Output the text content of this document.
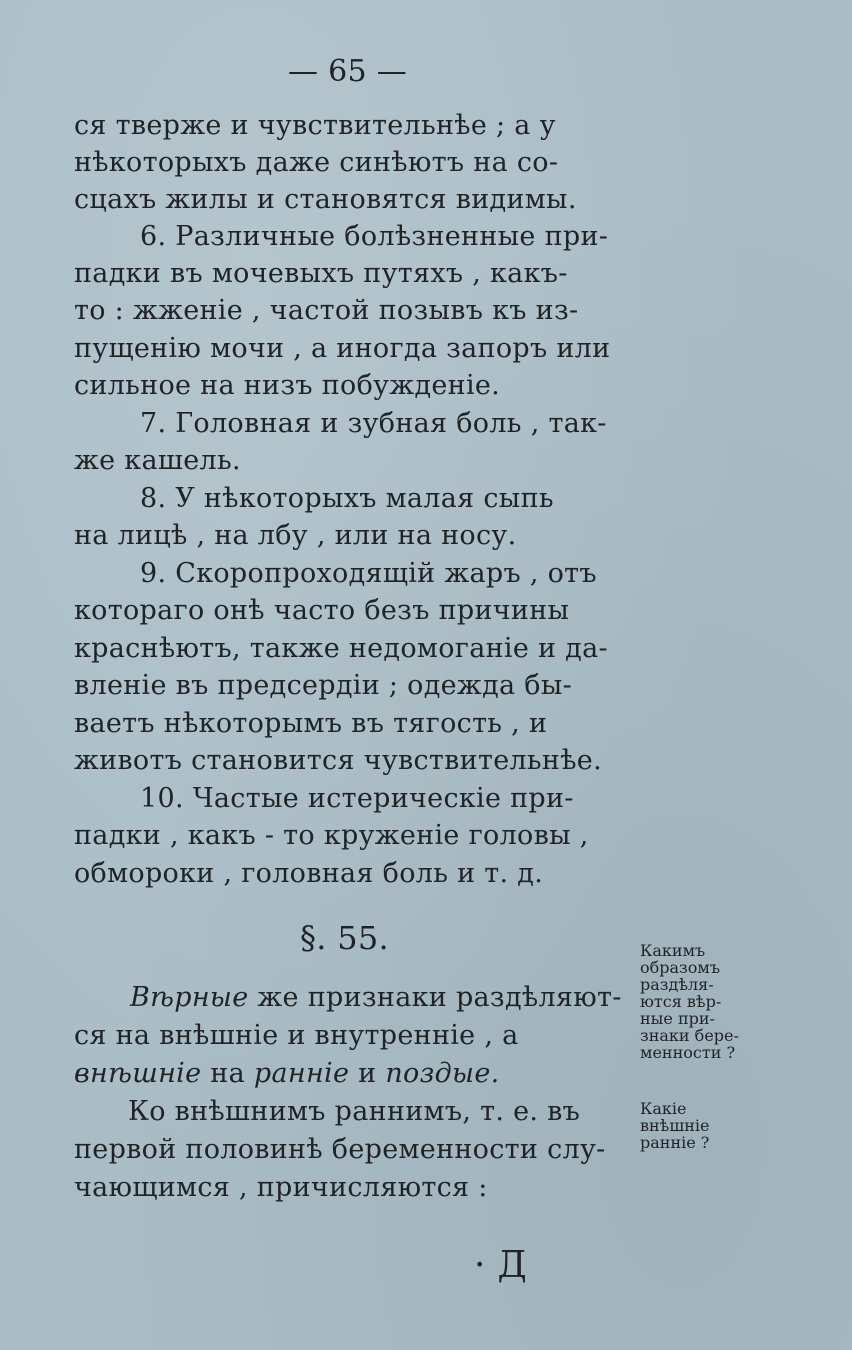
— 65 —
ся тверже и чувствительнѣе ; а у
нѣкоторыхъ даже синѣютъ на со-
сцахъ жилы и становятся видимы.
6. Различные болѣзненные при-
падки въ мочевыхъ путяхъ , какъ-
то : жженіе , частой позывъ къ из-
пущенію мочи , а иногда запоръ или
сильное на низъ побужденіе.
7. Головная и зубная боль , так-
же кашель.
8. У нѣкоторыхъ малая сыпь
на лицѣ , на лбу , или на носу.
9. Скоропроходящій жаръ , отъ
котораго онѣ часто безъ причины
краснѣютъ, также недомоганіе и да-
вленіе въ предсердіи ; одежда бы-
ваетъ нѣкоторымъ въ тягость , и
животъ становится чувствительнѣе.
10. Частые истерическіе при-
падки , какъ - то круженіе головы ,
обмороки , головная боль и т. д.
§. 55.
Вѣрные же признаки раздѣляют-
ся на внѣшніе и внутренніе , а
внѣшніе на ранніе и поздые.
Ко внѣшнимъ раннимъ, т. е. въ
первой половинѣ беременности слу-
чающимся , причисляются :
Какимъ
образомъ
раздѣля-
ются вѣр-
ные при-
знаки бере-
менности ?
Какіе
внѣшніе
ранніе ?
· Д
